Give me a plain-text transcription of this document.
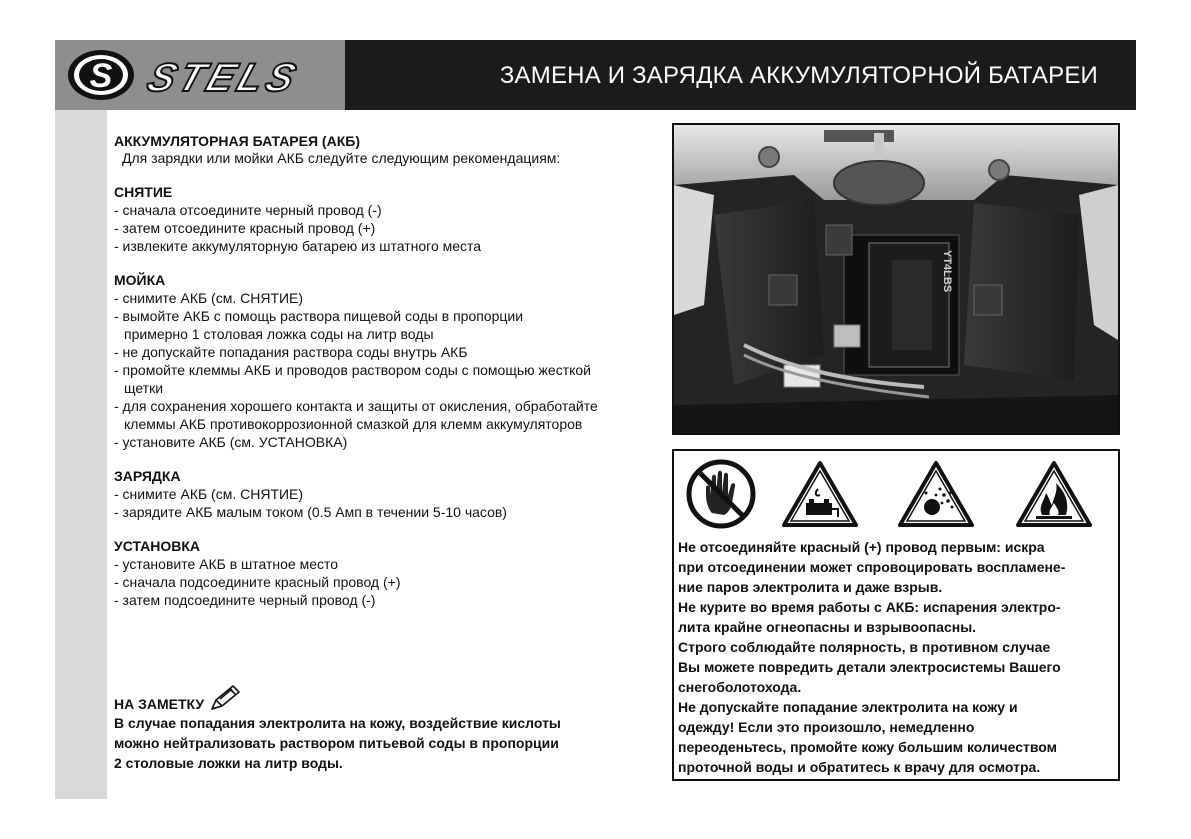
S STELS	ЗАМЕНА И ЗАРЯДКА АККУМУЛЯТОРНОЙ БАТАРЕИ
АККУМУЛЯТОРНАЯ БАТАРЕЯ (АКБ)
Для зарядки или мойки АКБ следуйте следующим рекомендациям:
СНЯТИЕ
- сначала отсоедините черный провод (-)
- затем отсоедините красный провод (+)
- извлеките аккумуляторную батарею из штатного места
МОЙКА
- снимите АКБ (см. СНЯТИЕ)
- вымойте АКБ с помощь раствора пищевой соды в пропорции
примерно 1 столовая ложка соды на литр воды
- не допускайте попадания раствора соды внутрь АКБ
- промойте клеммы АКБ и проводов раствором соды с помощью жесткой
щетки
- для сохранения хорошего контакта и защиты от окисления, обработайте
клеммы АКБ противокоррозионной смазкой для клемм аккумуляторов
- установите АКБ (см. УСТАНОВКА)
ЗАРЯДКА
- снимите АКБ (см. СНЯТИЕ)
- зарядите АКБ малым током (0.5 Амп в течении 5-10 часов)
УСТАНОВКА
- установите АКБ в штатное место
- сначала подсоедините красный провод (+)
- затем подсоедините черный провод (-)
НА ЗАМЕТКУ
В случае попадания электролита на кожу, воздействие кислоты
можно нейтрализовать раствором питьевой соды в пропорции
2 столовые ложки на литр воды.
YT4LBS
Не отсоединяйте красный (+) провод первым: искра
при отсоединении может спровоцировать воспламене-
ние паров электролита и даже взрыв.
Не курите во время работы с АКБ: испарения электро-
лита крайне огнеопасны и взрывоопасны.
Строго соблюдайте полярность, в противном случае
Вы можете повредить детали электросистемы Вашего
снегоболотохода.
Не допускайте попадание электролита на кожу и
одежду! Если это произошло, немедленно
переоденьтесь, промойте кожу большим количеством
проточной воды и обратитесь к врачу для осмотра.
